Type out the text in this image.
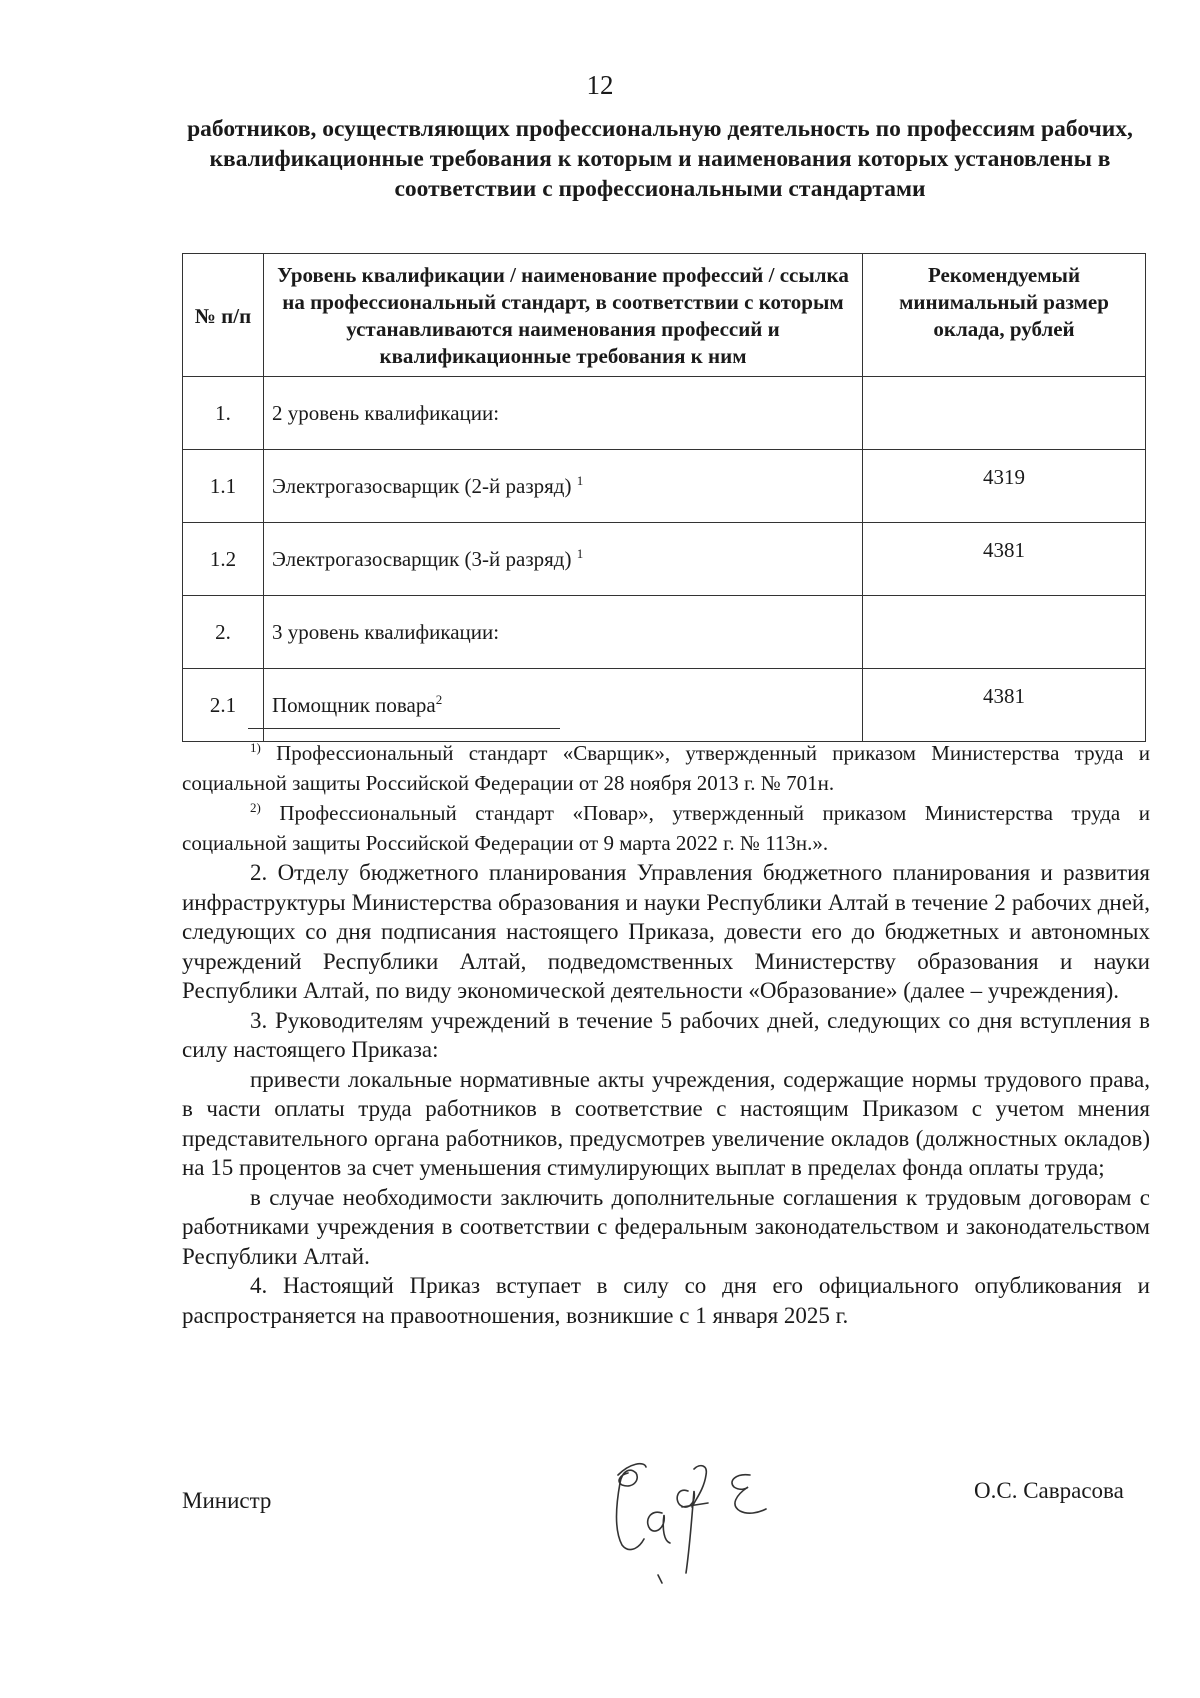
12
работников, осуществляющих профессиональную деятельность по профессиям рабочих, квалификационные требования к которым и наименования которых установлены в соответствии с профессиональными стандартами
№ п/п	Уровень квалификации / наименование профессий / ссылка на профессиональный стандарт, в соответствии с которым устанавливаются наименования профессий и квалификационные требования к ним	Рекомендуемый минимальный размер оклада, рублей
1.	2 уровень квалификации:	
1.1	Электрогазосварщик (2-й разряд) $^1$	4319
1.2	Электрогазосварщик (3-й разряд) $^1$	4381
2.	3 уровень квалификации:	
2.1	Помощник повара$^2$	4381

$^{1)}$ Профессиональный стандарт «Сварщик», утвержденный приказом Министерства труда и социальной защиты Российской Федерации от 28 ноября 2013 г. № 701н.

$^{2)}$ Профессиональный стандарт «Повар», утвержденный приказом Министерства труда и социальной защиты Российской Федерации от 9 марта 2022 г. № 113н.».

2. Отделу бюджетного планирования Управления бюджетного планирования и развития инфраструктуры Министерства образования и науки Республики Алтай в течение 2 рабочих дней, следующих со дня подписания настоящего Приказа, довести его до бюджетных и автономных учреждений Республики Алтай, подведомственных Министерству образования и науки Республики Алтай, по виду экономической деятельности «Образование» (далее – учреждения).

3. Руководителям учреждений в течение 5 рабочих дней, следующих со дня вступления в силу настоящего Приказа:

привести локальные нормативные акты учреждения, содержащие нормы трудового права, в части оплаты труда работников в соответствие с настоящим Приказом с учетом мнения представительного органа работников, предусмотрев увеличение окладов (должностных окладов) на 15 процентов за счет уменьшения стимулирующих выплат в пределах фонда оплаты труда;

в случае необходимости заключить дополнительные соглашения к трудовым договорам с работниками учреждения в соответствии с федеральным законодательством и законодательством Республики Алтай.

4. Настоящий Приказ вступает в силу со дня его официального опубликования и распространяется на правоотношения, возникшие с 1 января 2025 г.

Министр	О.С. Саврасова
